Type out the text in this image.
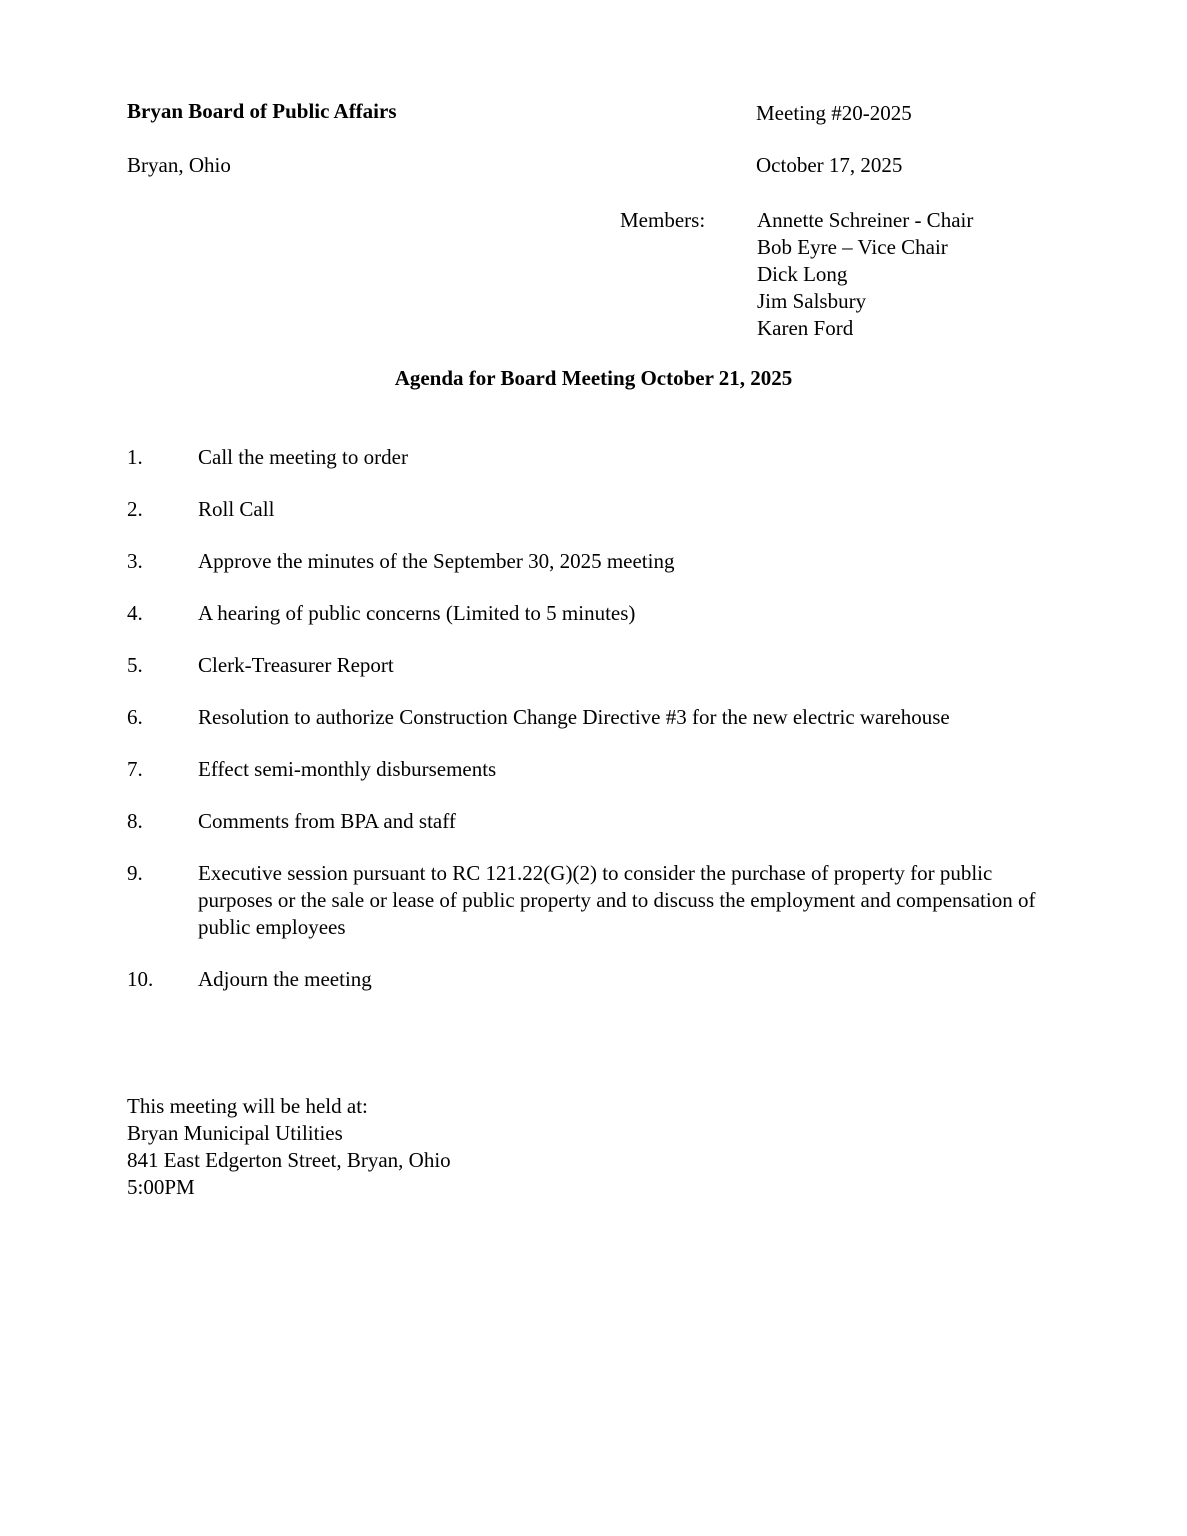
Bryan Board of Public Affairs	Meeting #20-2025
Bryan, Ohio	October 17, 2025
Members: Annette Schreiner - Chair
Bob Eyre – Vice Chair
Dick Long
Jim Salsbury
Karen Ford
Agenda for Board Meeting October 21, 2025
1.	Call the meeting to order
2.	Roll Call
3.	Approve the minutes of the September 30, 2025 meeting
4.	A hearing of public concerns (Limited to 5 minutes)
5.	Clerk-Treasurer Report
6.	Resolution to authorize Construction Change Directive #3 for the new electric warehouse
7.	Effect semi-monthly disbursements
8.	Comments from BPA and staff
9.	Executive session pursuant to RC 121.22(G)(2) to consider the purchase of property for public purposes or the sale or lease of public property and to discuss the employment and compensation of public employees
10.	Adjourn the meeting
This meeting will be held at:
Bryan Municipal Utilities
841 East Edgerton Street, Bryan, Ohio
5:00PM
